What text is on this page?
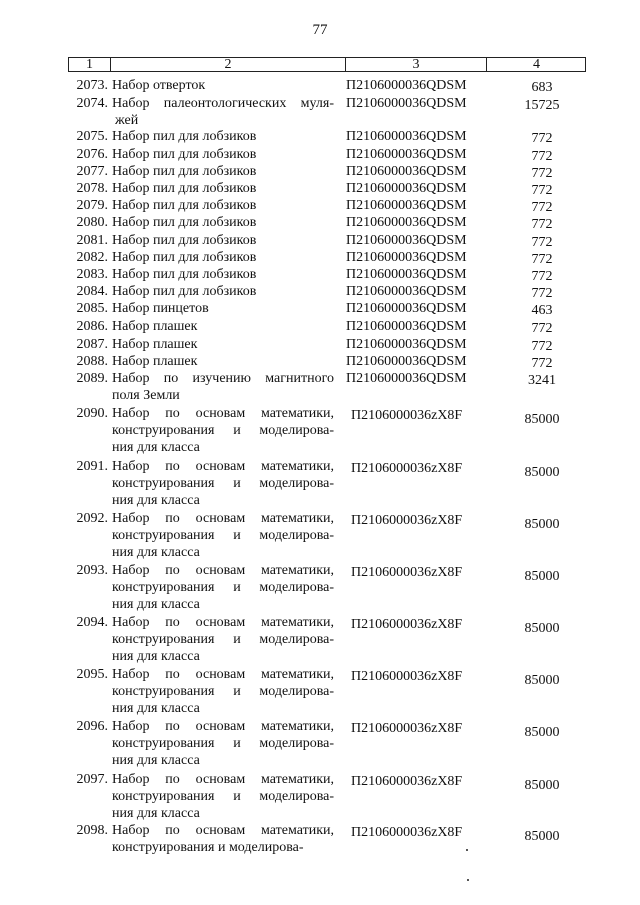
77
1	2	3	4
2073. Набор отверток	П2106000036QDSM	683
2074. Набор палеонтологических муля-
жей
П2106000036QDSM	15725
2075. Набор пил для лобзиков	П2106000036QDSM	772
2076. Набор пил для лобзиков	П2106000036QDSM	772
2077. Набор пил для лобзиков	П2106000036QDSM	772
2078. Набор пил для лобзиков	П2106000036QDSM	772
2079. Набор пил для лобзиков	П2106000036QDSM	772
2080. Набор пил для лобзиков	П2106000036QDSM	772
2081. Набор пил для лобзиков	П2106000036QDSM	772
2082. Набор пил для лобзиков	П2106000036QDSM	772
2083. Набор пил для лобзиков	П2106000036QDSM	772
2084. Набор пил для лобзиков	П2106000036QDSM	772
2085. Набор пинцетов	П2106000036QDSM	463
2086. Набор плашек	П2106000036QDSM	772
2087. Набор плашек	П2106000036QDSM	772
2088. Набор плашек	П2106000036QDSM	772
2089. Набор по изучению магнитного
поля Земли
П2106000036QDSM	3241
2090. Набор по основам математики,
конструирования и моделирова-
ния для класса
П2106000036zX8F	85000
2091. Набор по основам математики,
конструирования и моделирова-
ния для класса
П2106000036zX8F	85000
2092. Набор по основам математики,
конструирования и моделирова-
ния для класса
П2106000036zX8F	85000
2093. Набор по основам математики,
конструирования и моделирова-
ния для класса
П2106000036zX8F	85000
2094. Набор по основам математики,
конструирования и моделирова-
ния для класса
П2106000036zX8F	85000
2095. Набор по основам математики,
конструирования и моделирова-
ния для класса
П2106000036zX8F	85000
2096. Набор по основам математики,
конструирования и моделирова-
ния для класса
П2106000036zX8F	85000
2097. Набор по основам математики,
конструирования и моделирова-
ния для класса
П2106000036zX8F	85000
2098. Набор по основам математики,
конструирования и моделирова-
П2106000036zX8F	85000
